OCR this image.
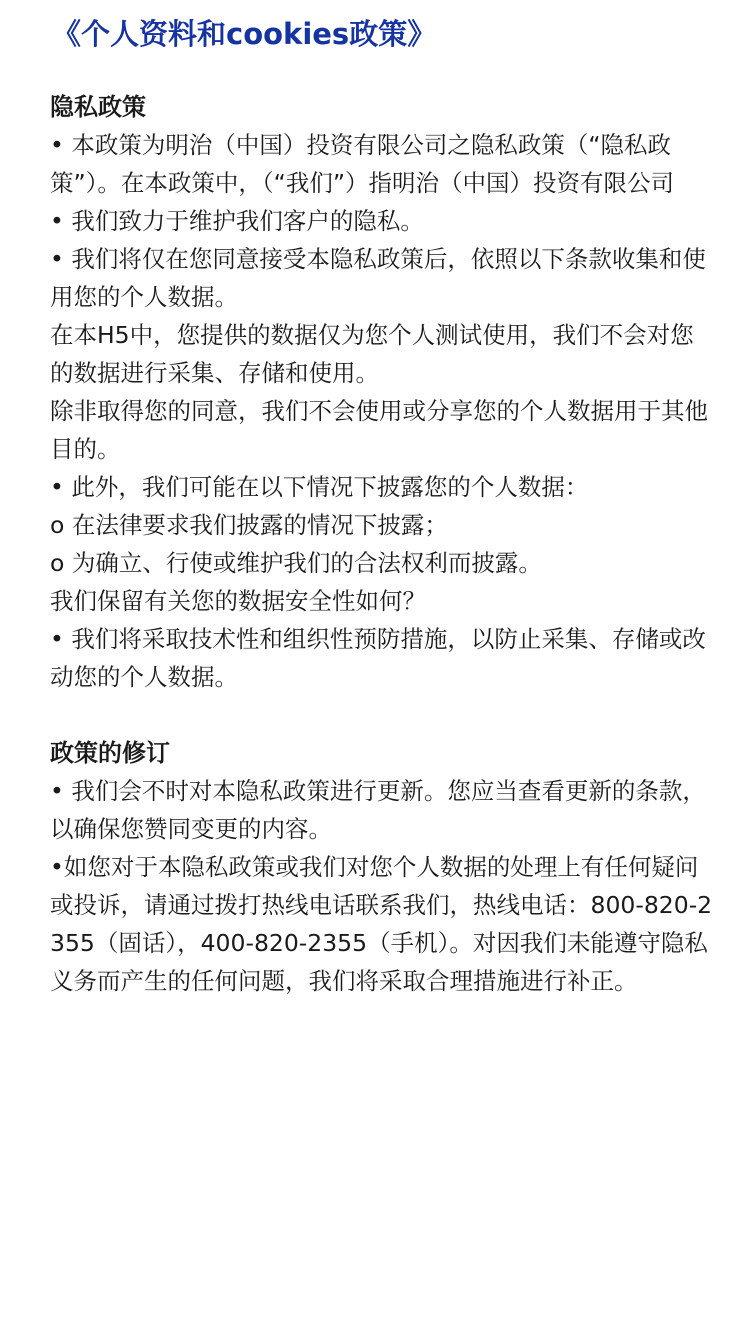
《个人资料和cookies政策》
隐私政策

• 本政策为明治（中国）投资有限公司之隐私政策（“隐私政策”）。在本政策中，（“我们”）指明治（中国）投资有限公司

• 我们致力于维护我们客户的隐私。

• 我们将仅在您同意接受本隐私政策后，依照以下条款收集和使用您的个人数据。

在本H5中，您提供的数据仅为您个人测试使用，我们不会对您的数据进行采集、存储和使用。

除非取得您的同意，我们不会使用或分享您的个人数据用于其他目的。

• 此外，我们可能在以下情况下披露您的个人数据：

o 在法律要求我们披露的情况下披露；

o 为确立、行使或维护我们的合法权利而披露。

我们保留有关您的数据安全性如何？

• 我们将采取技术性和组织性预防措施，以防止采集、存储或改动您的个人数据。

政策的修订

• 我们会不时对本隐私政策进行更新。您应当查看更新的条款，以确保您赞同变更的内容。

•如您对于本隐私政策或我们对您个人数据的处理上有任何疑问或投诉，请通过拨打热线电话联系我们，热线电话：800-820-2355（固话），400-820-2355（手机）。对因我们未能遵守隐私义务而产生的任何问题，我们将采取合理措施进行补正。
